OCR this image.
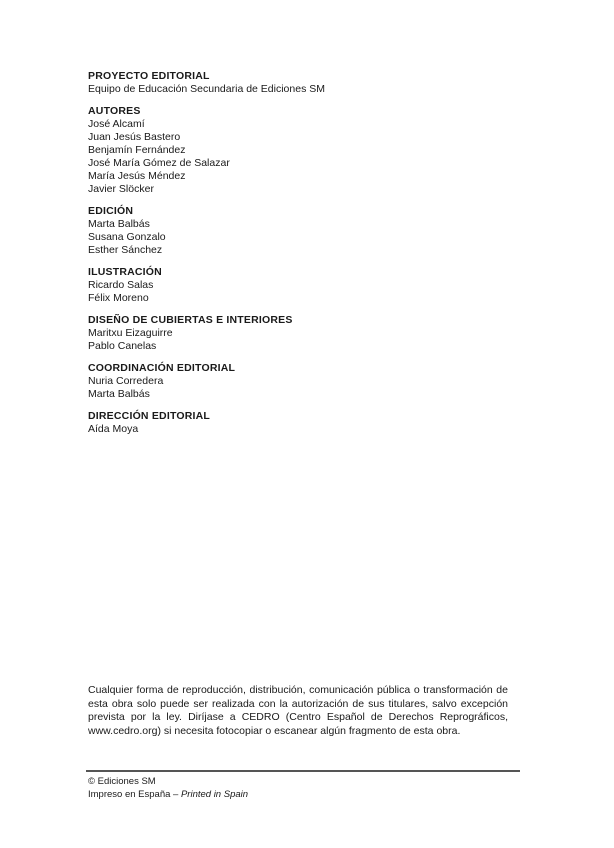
PROYECTO EDITORIAL

Equipo de Educación Secundaria de Ediciones SM

AUTORES

José Alcamí

Juan Jesús Bastero

Benjamín Fernández

José María Gómez de Salazar

María Jesús Méndez

Javier Slöcker

EDICIÓN

Marta Balbás

Susana Gonzalo

Esther Sánchez

ILUSTRACIÓN

Ricardo Salas

Félix Moreno

DISEÑO DE CUBIERTAS E INTERIORES

Maritxu Eizaguirre

Pablo Canelas

COORDINACIÓN EDITORIAL

Nuria Corredera

Marta Balbás

DIRECCIÓN EDITORIAL

Aída Moya

Cualquier forma de reproducción, distribución, comunicación pública o transformación de esta obra solo puede ser realizada con la autorización de sus titulares, salvo excepción prevista por la ley. Diríjase a CEDRO (Centro Español de Derechos Reprográficos, www.cedro.org) si necesita fotocopiar o escanear algún fragmento de esta obra.

© Ediciones SM

Impreso en España – Printed in Spain
